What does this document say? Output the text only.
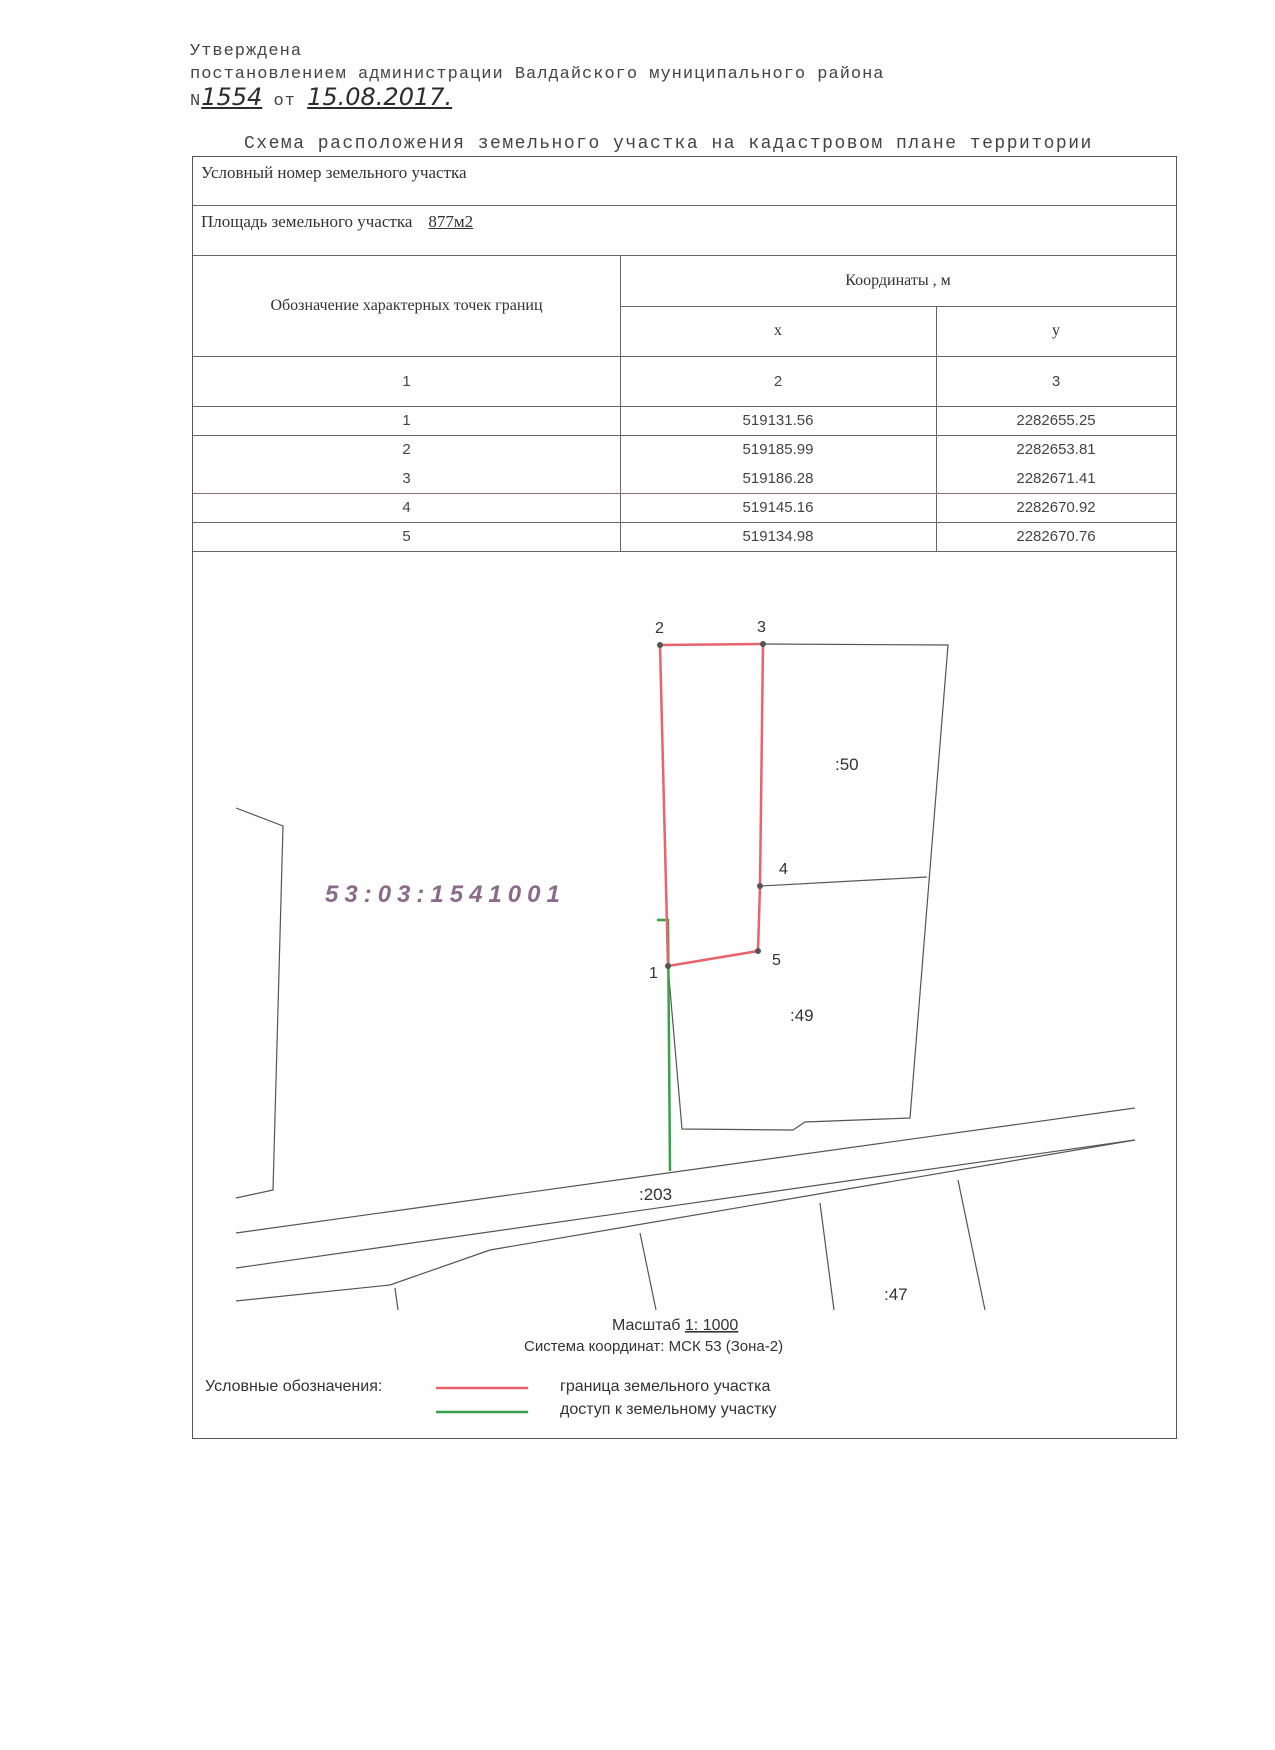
Утверждена
постановлением администрации Валдайского муниципального района
N1554 от 15.08.2017.
Схема расположения земельного участка на кадастровом плане территории
Условный номер земельного участка
Площадь земельного участка 877м2
Обозначение характерных точек границ
Координаты , м
x	y
1	2	3
1	519131.56	2282655.25
2	519185.99	2282653.81
3	519186.28	2282671.41
4	519145.16	2282670.92
5	519134.98	2282670.76
1
2	3
4
5
:50
:49
:203
:47
53:03:1541001
Масштаб 1: 1000
Система координат: МСК 53 (Зона-2)
Условные обозначения:	граница земельного участка
доступ к земельному участку
